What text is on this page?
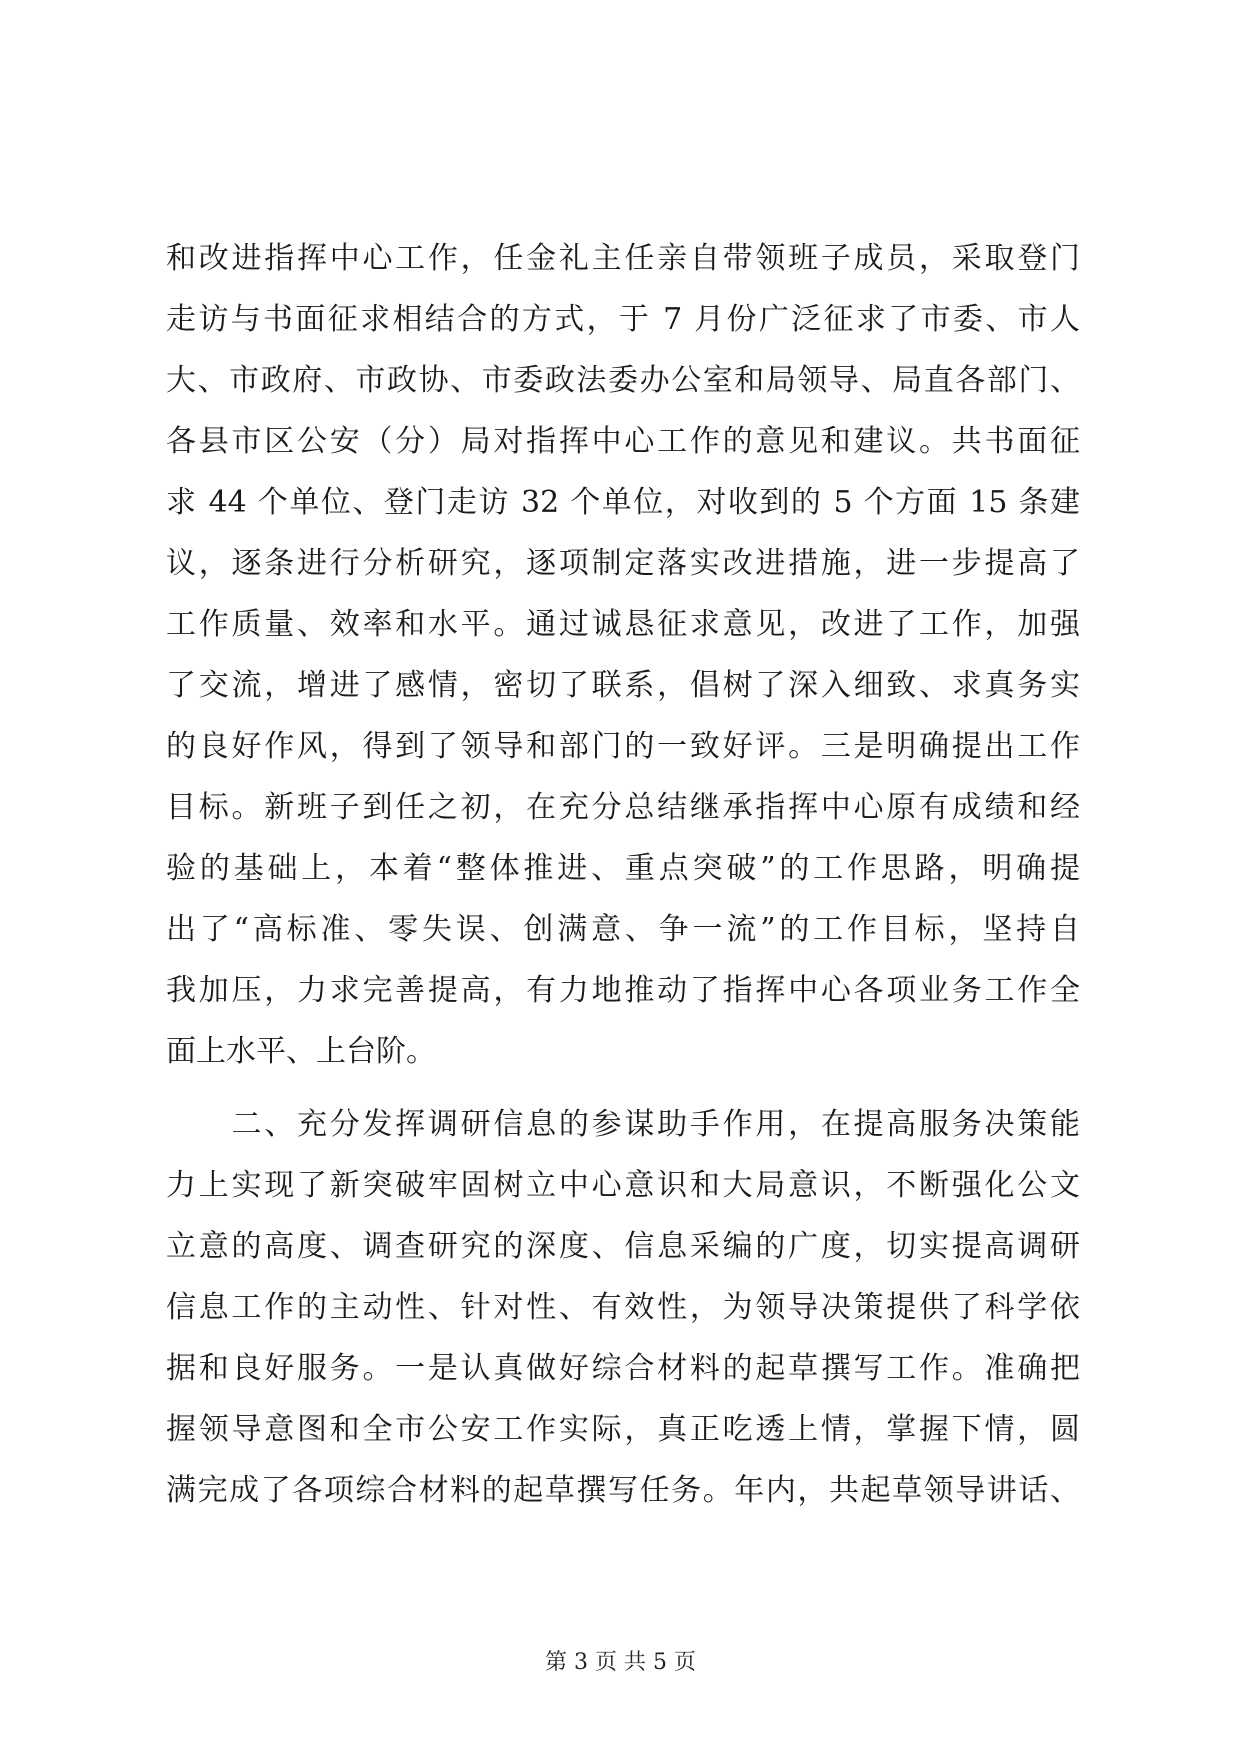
和改进指挥中心工作，任金礼主任亲自带领班子成员，采取登门
走访与书面征求相结合的方式，于 7 月份广泛征求了市委、市人
大、市政府、市政协、市委政法委办公室和局领导、局直各部门、
各县市区公安（分）局对指挥中心工作的意见和建议。共书面征
求 44 个单位、登门走访 32 个单位，对收到的 5 个方面 15 条建
议，逐条进行分析研究，逐项制定落实改进措施，进一步提高了
工作质量、效率和水平。通过诚恳征求意见，改进了工作，加强
了交流，增进了感情，密切了联系，倡树了深入细致、求真务实
的良好作风，得到了领导和部门的一致好评。三是明确提出工作
目标。新班子到任之初，在充分总结继承指挥中心原有成绩和经
验的基础上，本着“整体推进、重点突破”的工作思路，明确提
出了“高标准、零失误、创满意、争一流”的工作目标，坚持自
我加压，力求完善提高，有力地推动了指挥中心各项业务工作全
面上水平、上台阶。
　　二、充分发挥调研信息的参谋助手作用，在提高服务决策能
力上实现了新突破牢固树立中心意识和大局意识，不断强化公文
立意的高度、调查研究的深度、信息采编的广度，切实提高调研
信息工作的主动性、针对性、有效性，为领导决策提供了科学依
据和良好服务。一是认真做好综合材料的起草撰写工作。准确把
握领导意图和全市公安工作实际，真正吃透上情，掌握下情，圆
满完成了各项综合材料的起草撰写任务。年内，共起草领导讲话、
第 3 页 共 5 页
